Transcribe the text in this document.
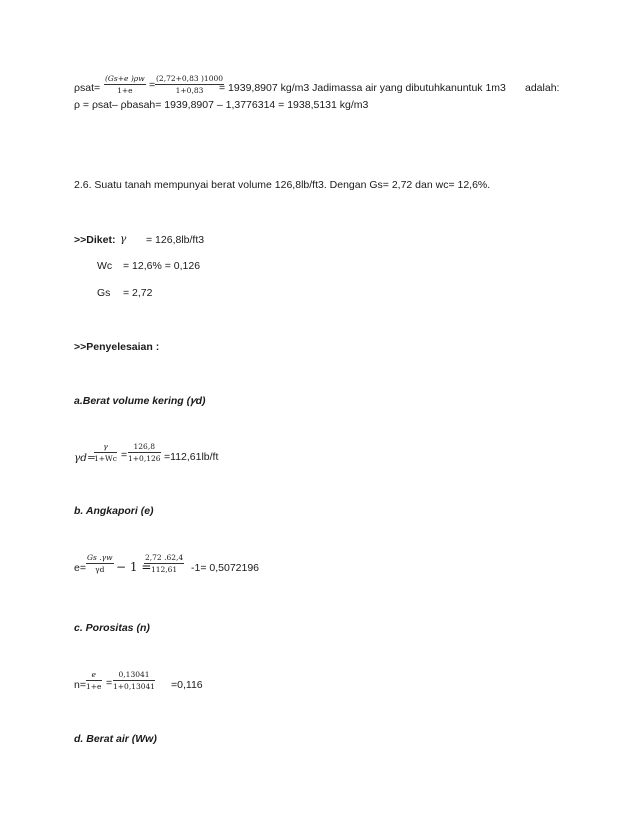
ρsat=
(𝐺𝑠+𝑒 )𝜌𝑤
1+e	= $\frac{(2,72+0,83 )1000}{1+0,83}$
= 1939,8907 kg/m3 Jadimassa air yang dibutuhkanuntuk 1m3 adalah:
ρ = ρsat– ρbasah= 1939,8907 – 1,3776314 = 1938,5131 kg/m3
2.6. Suatu tanah mempunyai berat volume 126,8lb/ft3. Dengan Gs= 2,72 dan wc= 12,6%.
>>Diket: 𝛾 = 126,8lb/ft3
Wc = 12,6% = 0,126
Gs = 2,72
>>Penyelesaian :
a.Berat volume kering (𝛾d)
𝛾𝑑=
𝛾
$1+Wc = \frac{126,8}{1+0,126} =112,61lb/ft$
b. Angkapori (e)
e=
𝐺𝑠 .𝛾𝑤
γd − 1 =
$\frac{2,72 .62,4}{112,61} -1= 0,5072196$
c. Porositas (n)
n=
𝑒
$1+e = \frac{0,13041}{1+0,13041} =0,116$
d. Berat air (Ww)
